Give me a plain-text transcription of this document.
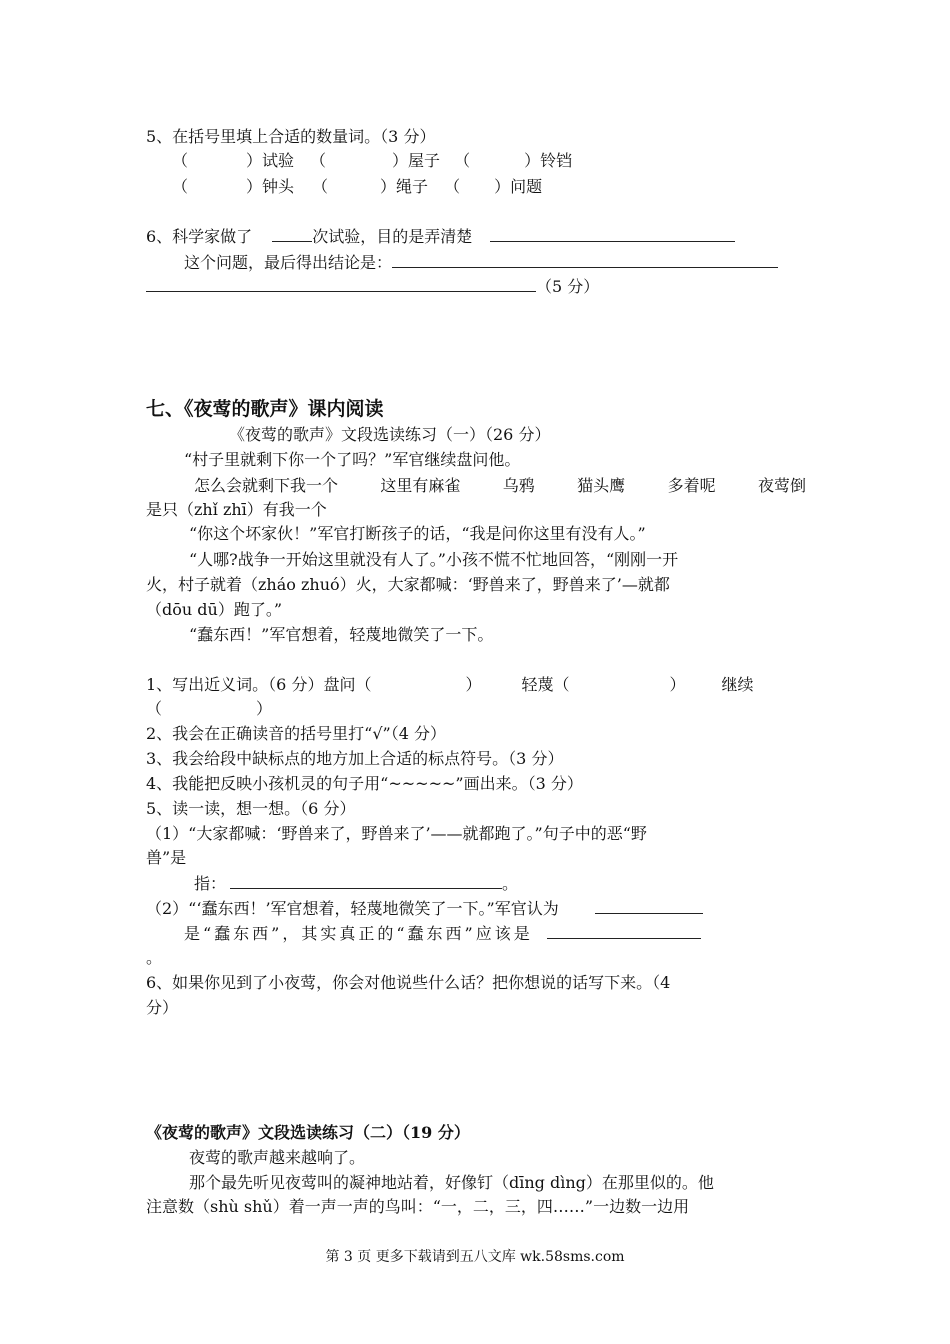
5、在括号里填上合适的数量词。（3 分）
（	）试验 （	）屋子 （	）铃铛
（	）钟头 （	）绳子 （ ）问题
6、科学家做了	次试验，目的是弄清楚
这个问题，最后得出结论是：
（5 分）
七、《夜莺的歌声》课内阅读
《夜莺的歌声》文段选读练习（一）（26 分）
“村子里就剩下你一个了吗？”军官继续盘问他。
怎么会就剩下我一个	这里有麻雀	乌鸦	猫头鹰	多着呢	夜莺倒
是只（zhǐ zhī）有我一个
“你这个坏家伙！”军官打断孩子的话，“我是问你这里有没有人。”
“人哪?战争一开始这里就没有人了。”小孩不慌不忙地回答，“刚刚一开
火，村子就着（zháo zhuó）火，大家都喊：‘野兽来了，野兽来了’—就都
（dōu dū）跑了。”
“蠢东西！”军官想着，轻蔑地微笑了一下。
1、写出近义词。（6 分）盘问（	）	轻蔑（	） 继续
（	）
2、我会在正确读音的括号里打“√”（4 分）
3、我会给段中缺标点的地方加上合适的标点符号。（3 分）
4、我能把反映小孩机灵的句子用“~~~~~”画出来。（3 分）
5、读一读，想一想。（6 分）
（1）“大家都喊：‘野兽来了，野兽来了’——就都跑了。”句子中的恶“野
兽”是
指：	。
（2）“‘蠢东西！’军官想着，轻蔑地微笑了一下。”军官认为
是“蠢东西”，其实真正的“蠢东西”应该是
。
6、如果你见到了小夜莺，你会对他说些什么话？把你想说的话写下来。（4
分）
《夜莺的歌声》文段选读练习（二）（19 分）
夜莺的歌声越来越响了。
那个最先听见夜莺叫的凝神地站着，好像钉（dīng dìng）在那里似的。他
注意数（shù shǔ）着一声一声的鸟叫：“一，二，三，四……”一边数一边用
第 3 页 更多下载请到五八文库 wk.58sms.com
